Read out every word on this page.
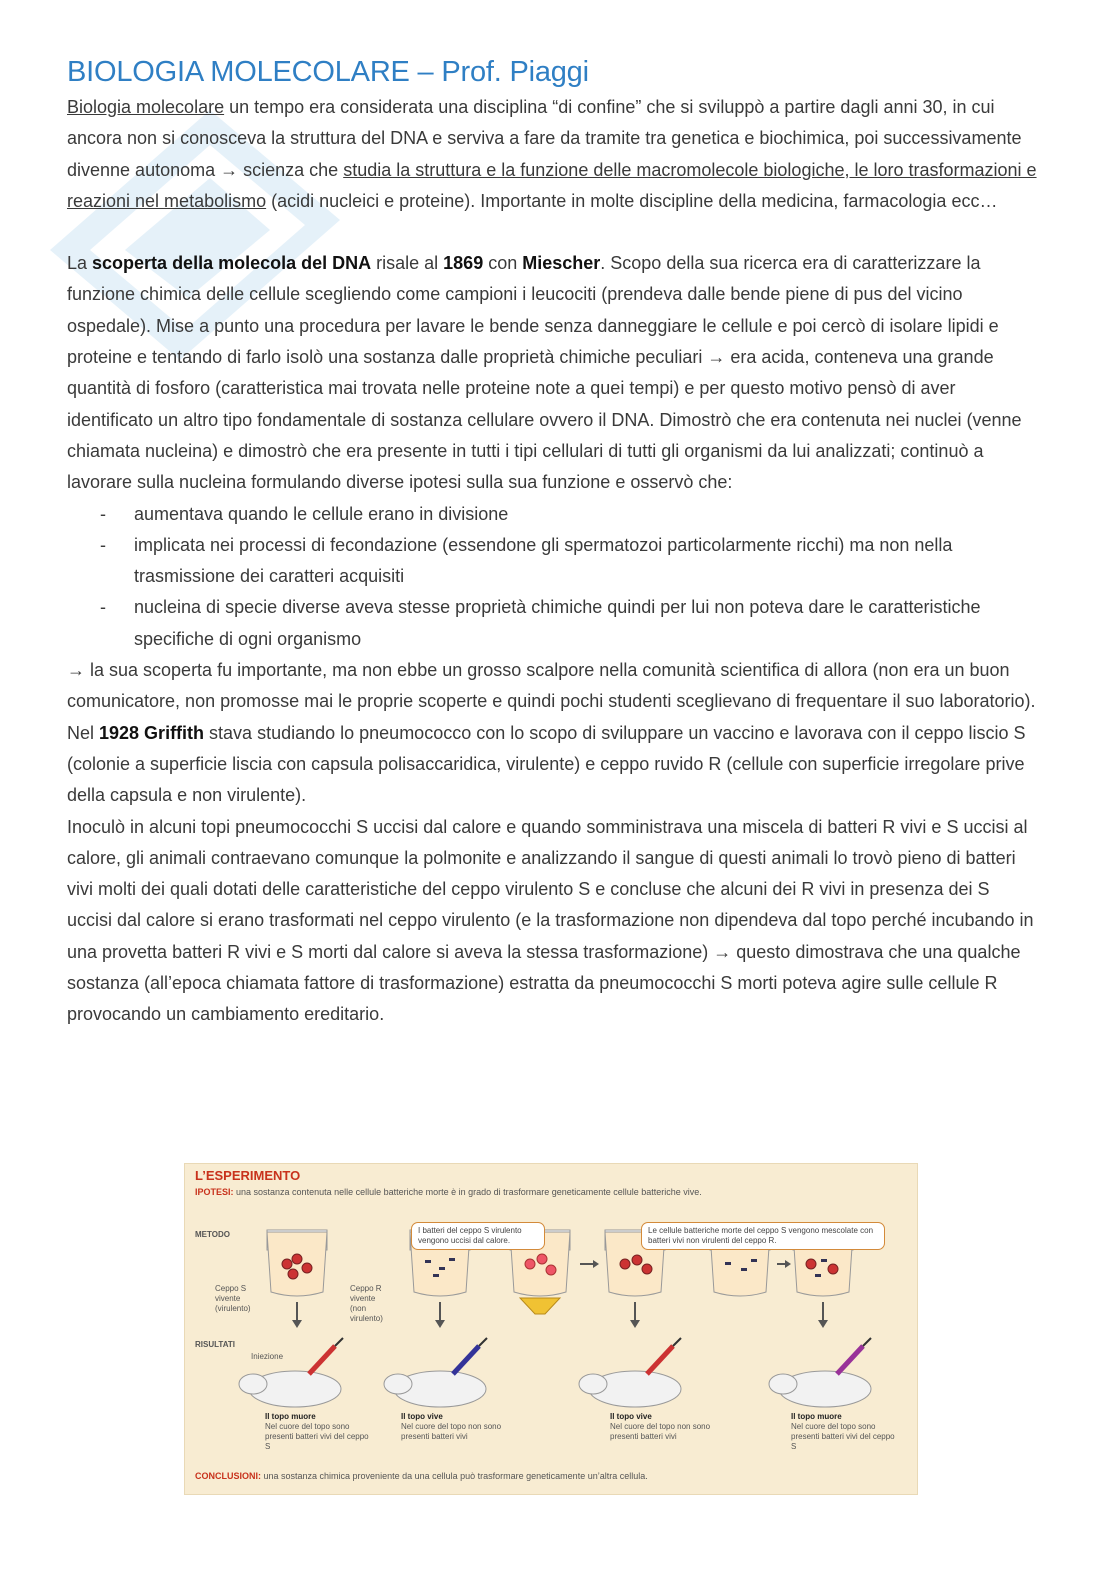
BIOLOGIA MOLECOLARE – Prof. Piaggi

Biologia molecolare un tempo era considerata una disciplina “di confine” che si sviluppò a partire dagli anni 30, in cui ancora non si conosceva la struttura del DNA e serviva a fare da tramite tra genetica e biochimica, poi successivamente divenne autonoma → scienza che studia la struttura e la funzione delle macromolecole biologiche, le loro trasformazioni e reazioni nel metabolismo (acidi nucleici e proteine). Importante in molte discipline della medicina, farmacologia ecc…

La scoperta della molecola del DNA risale al 1869 con Miescher. Scopo della sua ricerca era di caratterizzare la funzione chimica delle cellule scegliendo come campioni i leucociti (prendeva dalle bende piene di pus del vicino ospedale). Mise a punto una procedura per lavare le bende senza danneggiare le cellule e poi cercò di isolare lipidi e proteine e tentando di farlo isolò una sostanza dalle proprietà chimiche peculiari → era acida, conteneva una grande quantità di fosforo (caratteristica mai trovata nelle proteine note a quei tempi) e per questo motivo pensò di aver identificato un altro tipo fondamentale di sostanza cellulare ovvero il DNA. Dimostrò che era contenuta nei nuclei (venne chiamata nucleina) e dimostrò che era presente in tutti i tipi cellulari di tutti gli organismi da lui analizzati; continuò a lavorare sulla nucleina formulando diverse ipotesi sulla sua funzione e osservò che:

- aumentava quando le cellule erano in divisione
- implicata nei processi di fecondazione (essendone gli spermatozoi particolarmente ricchi) ma non nella trasmissione dei caratteri acquisiti
- nucleina di specie diverse aveva stesse proprietà chimiche quindi per lui non poteva dare le caratteristiche specifiche di ogni organismo

→ la sua scoperta fu importante, ma non ebbe un grosso scalpore nella comunità scientifica di allora (non era un buon comunicatore, non promosse mai le proprie scoperte e quindi pochi studenti sceglievano di frequentare il suo laboratorio).

Nel 1928 Griffith stava studiando lo pneumococco con lo scopo di sviluppare un vaccino e lavorava con il ceppo liscio S (colonie a superficie liscia con capsula polisaccaridica, virulente) e ceppo ruvido R (cellule con superficie irregolare prive della capsula e non virulente).

Inoculò in alcuni topi pneumococchi S uccisi dal calore e quando somministrava una miscela di batteri R vivi e S uccisi al calore, gli animali contraevano comunque la polmonite e analizzando il sangue di questi animali lo trovò pieno di batteri vivi molti dei quali dotati delle caratteristiche del ceppo virulento S e concluse che alcuni dei R vivi in presenza dei S uccisi dal calore si erano trasformati nel ceppo virulento (e la trasformazione non dipendeva dal topo perché incubando in una provetta batteri R vivi e S morti dal calore si aveva la stessa trasformazione) → questo dimostrava che una qualche sostanza (all’epoca chiamata fattore di trasformazione) estratta da pneumococchi S morti poteva agire sulle cellule R provocando un cambiamento ereditario.

L’ESPERIMENTO
IPOTESI: una sostanza contenuta nelle cellule batteriche morte è in grado di trasformare geneticamente cellule batteriche vive.
METODO
RISULTATI
Iniezione
Ceppo S
vivente
(virulento)
Ceppo R
vivente
(non
virulento)
I batteri del ceppo S virulento vengono uccisi dal calore.
Le cellule batteriche morte del ceppo S vengono mescolate con batteri vivi non virulenti del ceppo R.
Il topo muore
Nel cuore del topo sono presenti batteri vivi del ceppo S
Il topo vive
Nel cuore del topo non sono presenti batteri vivi
Il topo vive
Nel cuore del topo non sono presenti batteri vivi
Il topo muore
Nel cuore del topo sono presenti batteri vivi del ceppo S
CONCLUSIONI: una sostanza chimica proveniente da una cellula può trasformare geneticamente un’altra cellula.
